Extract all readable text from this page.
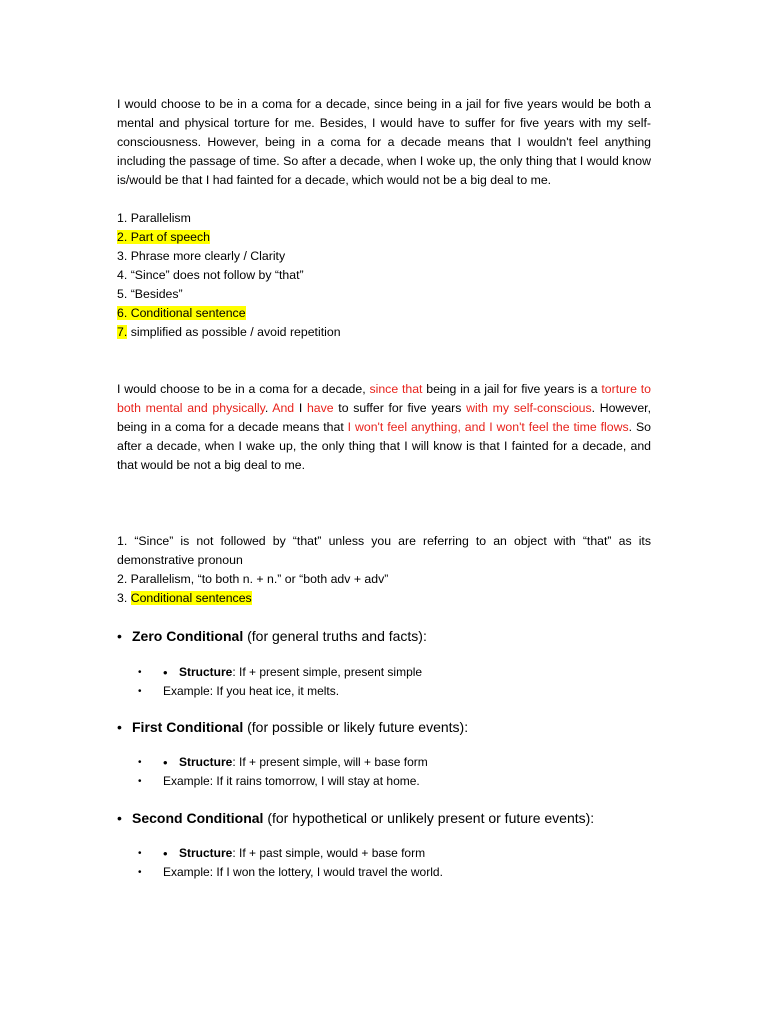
I would choose to be in a coma for a decade, since being in a jail for five years would be both a mental and physical torture for me. Besides, I would have to suffer for five years with my self-consciousness. However, being in a coma for a decade means that I wouldn't feel anything including the passage of time. So after a decade, when I woke up, the only thing that I would know is/would be that I had fainted for a decade, which would not be a big deal to me.

1. Parallelism
2. Part of speech
3. Phrase more clearly / Clarity
4. “Since” does not follow by “that”
5. “Besides”
6. Conditional sentence
7. simplified as possible / avoid repetition

I would choose to be in a coma for a decade, since that being in a jail for five years is a torture to both mental and physically. And I have to suffer for five years with my self-conscious. However, being in a coma for a decade means that I won't feel anything, and I won't feel the time flows. So after a decade, when I wake up, the only thing that I will know is that I fainted for a decade, and that would be not a big deal to me.

1. “Since” is not followed by “that” unless you are referring to an object with “that” as its demonstrative pronoun

2. Parallelism, “to both n. + n.” or “both adv + adv”
3. Conditional sentences
• Zero Conditional (for general truths and facts):
• • Structure: If + present simple, present simple
• Example: If you heat ice, it melts.
• First Conditional (for possible or likely future events):
• • Structure: If + present simple, will + base form
• Example: If it rains tomorrow, I will stay at home.
• Second Conditional (for hypothetical or unlikely present or future events):
• • Structure: If + past simple, would + base form
• Example: If I won the lottery, I would travel the world.
